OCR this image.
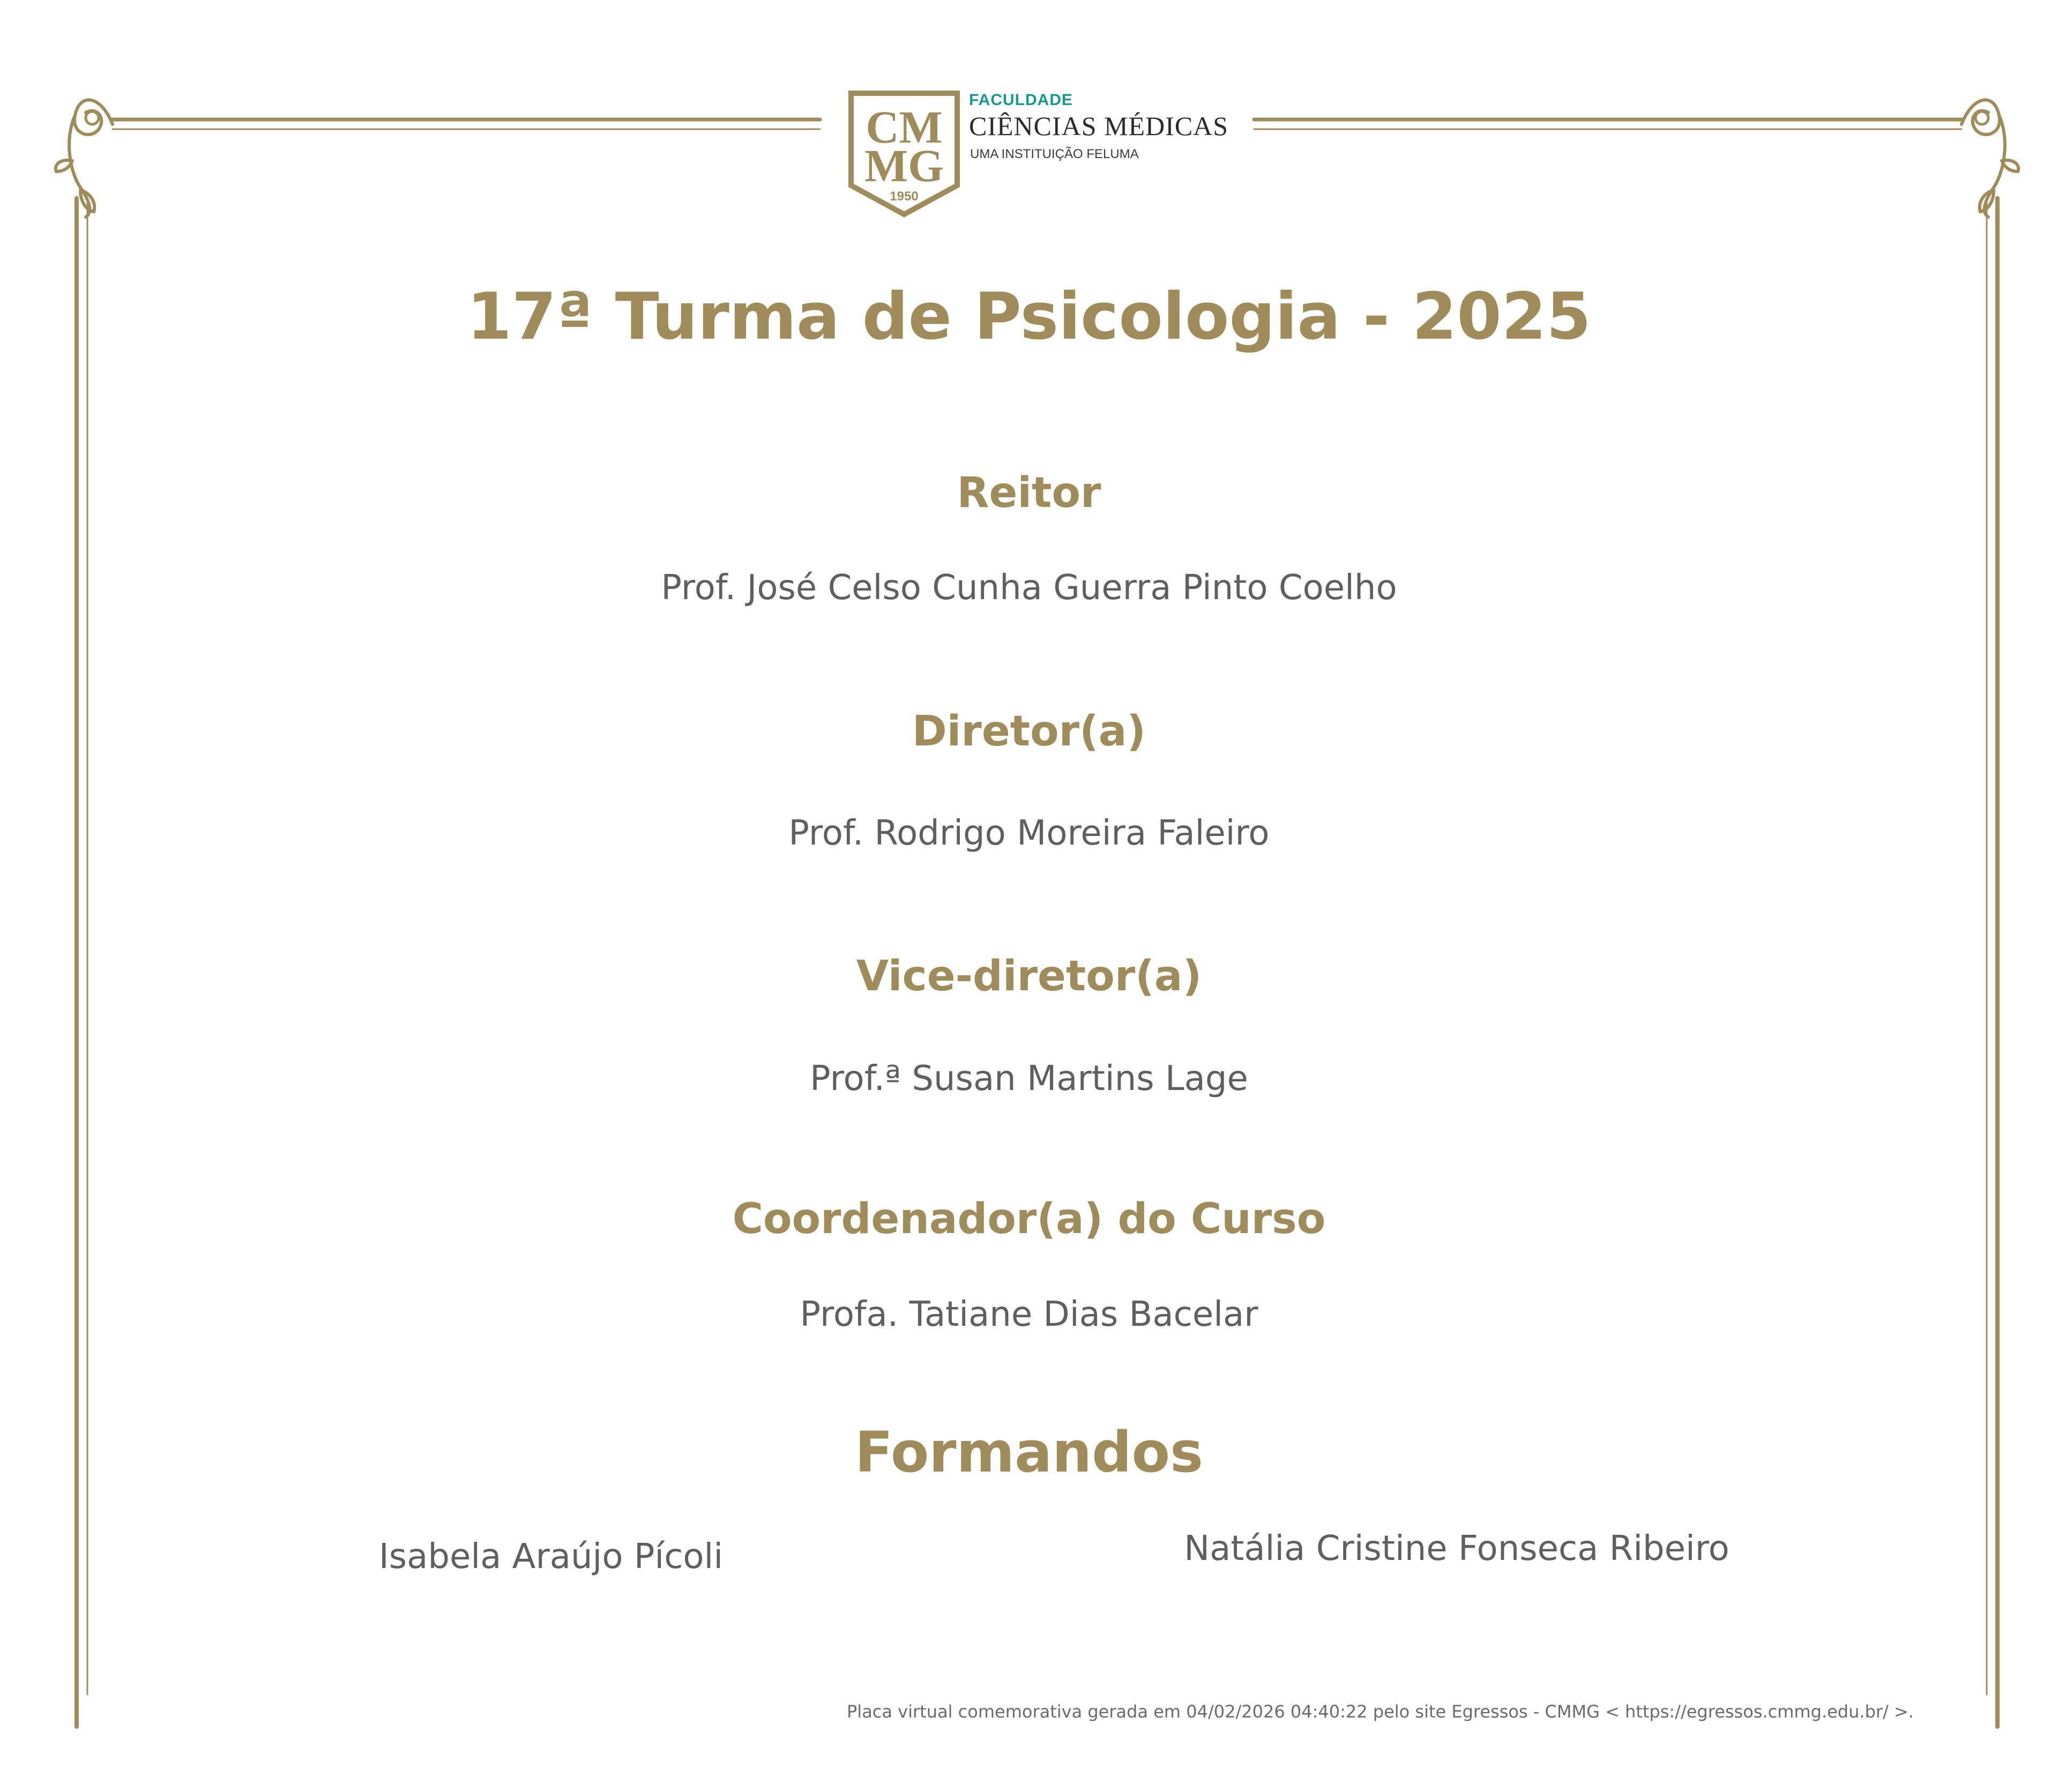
CM
MG
1950
FACULDADE
CIÊNCIAS MÉDICAS
UMA INSTITUIÇÃO FELUMA
17ª Turma de Psicologia - 2025
Reitor
Prof. José Celso Cunha Guerra Pinto Coelho
Diretor(a)
Prof. Rodrigo Moreira Faleiro
Vice-diretor(a)
Prof.ª Susan Martins Lage
Coordenador(a) do Curso
Profa. Tatiane Dias Bacelar
Formandos
Isabela Araújo Pícoli	Natália Cristine Fonseca Ribeiro
Placa virtual comemorativa gerada em 04/02/2026 04:40:22 pelo site Egressos - CMMG < https://egressos.cmmg.edu.br/ >.
